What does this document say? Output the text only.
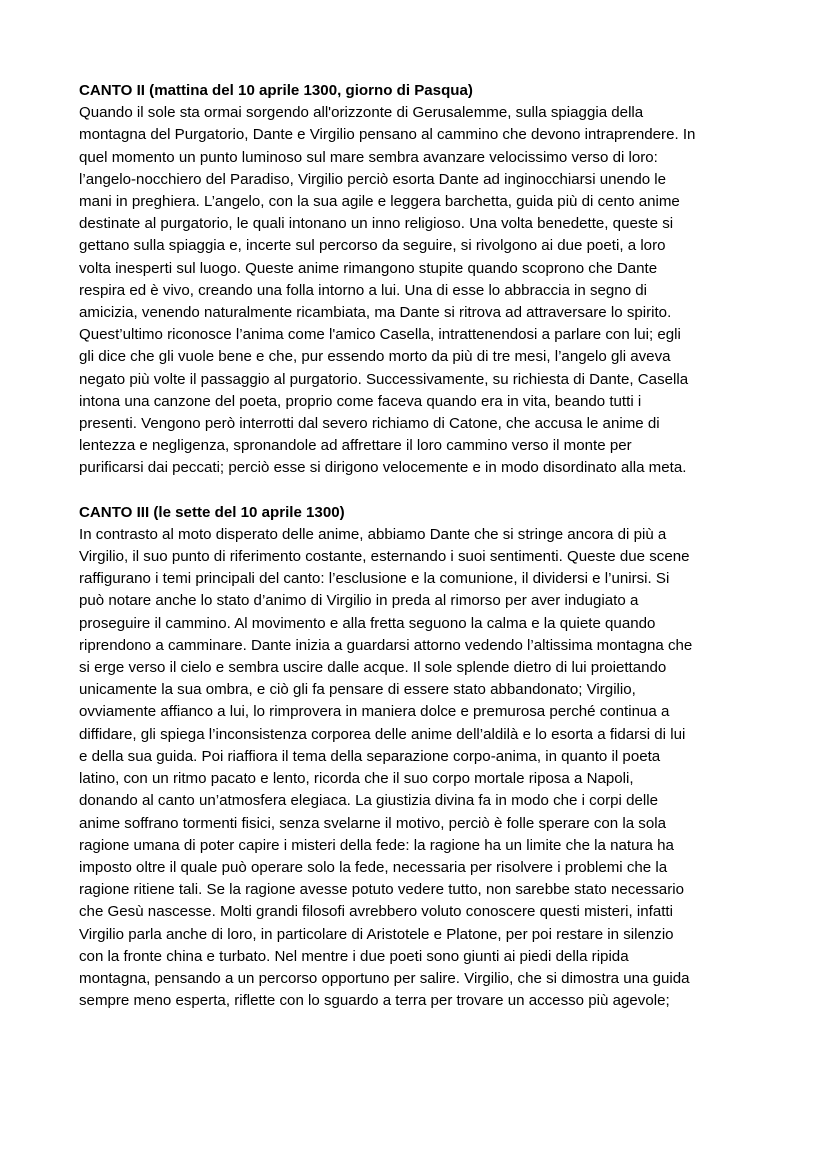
CANTO II (mattina del 10 aprile 1300, giorno di Pasqua)

Quando il sole sta ormai sorgendo all'orizzonte di Gerusalemme, sulla spiaggia della

montagna del Purgatorio, Dante e Virgilio pensano al cammino che devono intraprendere. In

quel momento un punto luminoso sul mare sembra avanzare velocissimo verso di loro:

l’angelo-nocchiero del Paradiso, Virgilio perciò esorta Dante ad inginocchiarsi unendo le

mani in preghiera. L’angelo, con la sua agile e leggera barchetta, guida più di cento anime

destinate al purgatorio, le quali intonano un inno religioso. Una volta benedette, queste si

gettano sulla spiaggia e, incerte sul percorso da seguire, si rivolgono ai due poeti, a loro

volta inesperti sul luogo. Queste anime rimangono stupite quando scoprono che Dante

respira ed è vivo, creando una folla intorno a lui. Una di esse lo abbraccia in segno di

amicizia, venendo naturalmente ricambiata, ma Dante si ritrova ad attraversare lo spirito.

Quest’ultimo riconosce l’anima come l'amico Casella, intrattenendosi a parlare con lui; egli

gli dice che gli vuole bene e che, pur essendo morto da più di tre mesi, l’angelo gli aveva

negato più volte il passaggio al purgatorio. Successivamente, su richiesta di Dante, Casella

intona una canzone del poeta, proprio come faceva quando era in vita, beando tutti i

presenti. Vengono però interrotti dal severo richiamo di Catone, che accusa le anime di

lentezza e negligenza, spronandole ad affrettare il loro cammino verso il monte per

purificarsi dai peccati; perciò esse si dirigono velocemente e in modo disordinato alla meta.

CANTO III (le sette del 10 aprile 1300)

In contrasto al moto disperato delle anime, abbiamo Dante che si stringe ancora di più a

Virgilio, il suo punto di riferimento costante, esternando i suoi sentimenti. Queste due scene

raffigurano i temi principali del canto: l’esclusione e la comunione, il dividersi e l’unirsi. Si

può notare anche lo stato d’animo di Virgilio in preda al rimorso per aver indugiato a

proseguire il cammino. Al movimento e alla fretta seguono la calma e la quiete quando

riprendono a camminare. Dante inizia a guardarsi attorno vedendo l’altissima montagna che

si erge verso il cielo e sembra uscire dalle acque. Il sole splende dietro di lui proiettando

unicamente la sua ombra, e ciò gli fa pensare di essere stato abbandonato; Virgilio,

ovviamente affianco a lui, lo rimprovera in maniera dolce e premurosa perché continua a

diffidare, gli spiega l’inconsistenza corporea delle anime dell’aldilà e lo esorta a fidarsi di lui

e della sua guida. Poi riaffiora il tema della separazione corpo-anima, in quanto il poeta

latino, con un ritmo pacato e lento, ricorda che il suo corpo mortale riposa a Napoli,

donando al canto un’atmosfera elegiaca. La giustizia divina fa in modo che i corpi delle

anime soffrano tormenti fisici, senza svelarne il motivo, perciò è folle sperare con la sola

ragione umana di poter capire i misteri della fede: la ragione ha un limite che la natura ha

imposto oltre il quale può operare solo la fede, necessaria per risolvere i problemi che la

ragione ritiene tali. Se la ragione avesse potuto vedere tutto, non sarebbe stato necessario

che Gesù nascesse. Molti grandi filosofi avrebbero voluto conoscere questi misteri, infatti

Virgilio parla anche di loro, in particolare di Aristotele e Platone, per poi restare in silenzio

con la fronte china e turbato. Nel mentre i due poeti sono giunti ai piedi della ripida

montagna, pensando a un percorso opportuno per salire. Virgilio, che si dimostra una guida

sempre meno esperta, riflette con lo sguardo a terra per trovare un accesso più agevole;
